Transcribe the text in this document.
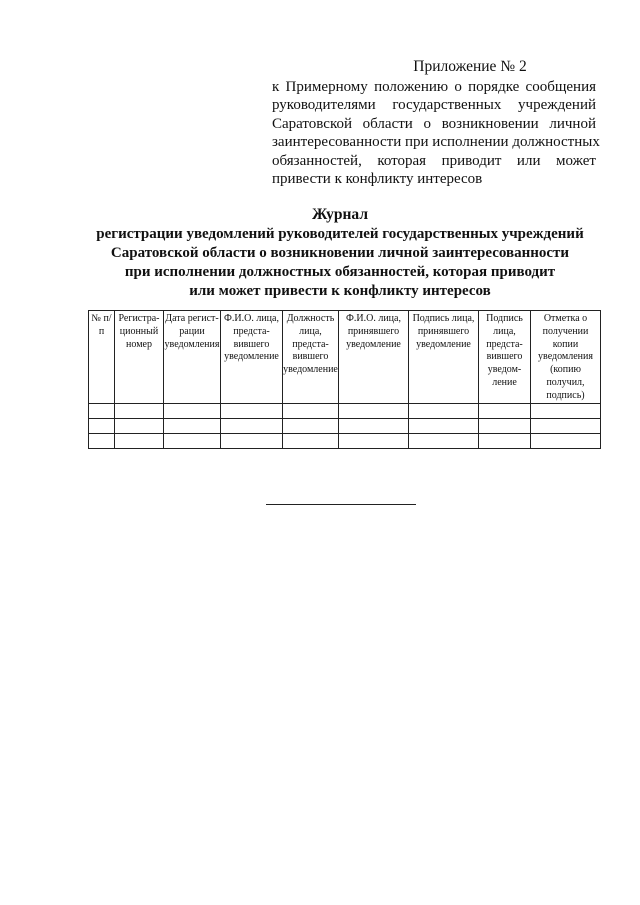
Приложение № 2
к Примерному положению о порядке сообщения
руководителями государственных учреждений
Саратовской области о возникновении личной
заинтересованности при исполнении должностных
обязанностей, которая приводит или может
привести к конфликту интересов
Журнал
регистрации уведомлений руководителей государственных учреждений
Саратовской области о возникновении личной заинтересованности
при исполнении должностных обязанностей, которая приводит
или может привести к конфликту интересов
№ п/п	Регистра- ционный номер	Дата регист- рации уведомления	Ф.И.О. лица, предста- вившего уведомление	Должность лица, предста- вившего уведомление	Ф.И.О. лица, принявшего уведомление	Подпись лица, принявшего уведомление	Подпись лица, предста- вившего уведом- ление	Отметка о получении копии уведомления (копию получил, подпись)
